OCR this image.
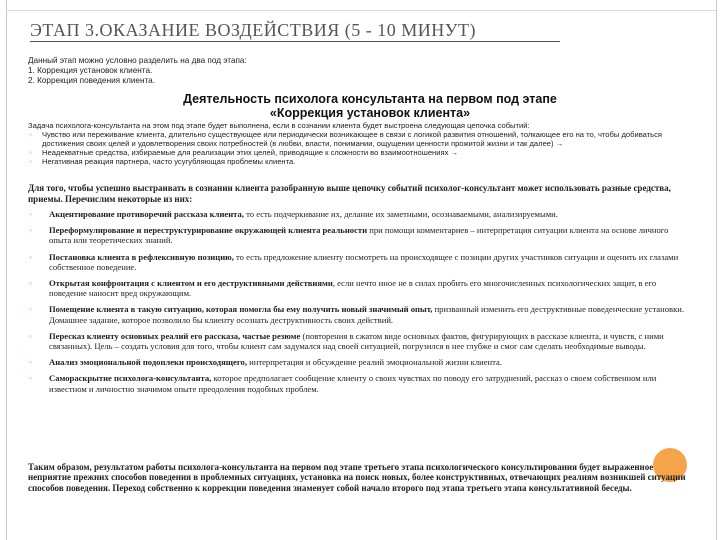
ЭТАП 3.ОКАЗАНИЕ ВОЗДЕЙСТВИЯ (5 - 10 МИНУТ)
Данный этап можно условно разделить на два под этапа:
1. Коррекция установок клиента.
2. Коррекция поведения клиента.
Деятельность психолога консультанта на первом под этапе
«Коррекция установок клиента»
Задача психолога-консультанта на этом под этапе будет выполнена, если в сознании клиента будет выстроена следующая цепочка событий:
◦ Чувство или переживание клиента, длительно существующее или периодически возникающее в связи с логикой развития отношений, толкающее его на то, чтобы добиваться достижения своих целей и удовлетворения своих потребностей (в любви, власти, понимании, ощущении ценности прожитой жизни и так далее) →
◦ Неадекватные средства, избираемые для реализации этих целей, приводящие к сложности во взаимоотношениях →
◦ Негативная реакция партнера, часто усугубляющая проблемы клиента.
Для того, чтобы успешно выстраивать в сознании клиента разобранную выше цепочку событий психолог-консультант может использовать разные средства, приемы. Перечислим некоторые из них:
◦ Акцентирование противоречий рассказа клиента, то есть подчеркивание их, делание их заметными, осознаваемыми, анализируемыми.
◦ Переформулирование и переструктурирование окружающей клиента реальности при помощи комментариев – интерпретация ситуации клиента на основе личного опыта или теоретических знаний.
◦ Постановка клиента в рефлексивную позицию, то есть предложение клиенту посмотреть на происходящее с позиции других участников ситуации и оценить их глазами собственное поведение.
◦ Открытая конфронтация с клиентом и его деструктивными действиями, если нечто иное не в силах пробить его многочисленных психологических защит, в его поведение наносит вред окружающим.
◦ Помещение клиента в такую ситуацию, которая помогла бы ему получить новый значимый опыт, призванный изменить его деструктивные поведенческие установки. Домашнее задание, которое позволило бы клиенту осознать деструктивность своих действий.
◦ Пересказ клиенту основных реалий его рассказа, частые резюме (повторения в сжатом виде основных фактов, фигурирующих в рассказе клиента, и чувств, с ними связанных). Цель – создать условия для того, чтобы клиент сам задумался над своей ситуацией, погрузился в нее глубже и смог сам сделать необходимые выводы.
◦ Анализ эмоциональной подоплеки происходящего, интерпретация и обсуждение реалий эмоциональной жизни клиента.
◦ Самораскрытие психолога-консультанта, которое предполагает сообщение клиенту о своих чувствах по поводу его затруднений, рассказ о своем собственном или известном и личностно значимом опыте преодоления подобных проблем.
Таким образом, результатом работы психолога-консультанта на первом под этапе третьего этапа психологического консультирования будет выраженное неприятие прежних способов поведения в проблемных ситуациях, установка на поиск новых, более конструктивных, отвечающих реалиям возникшей ситуации способов поведения. Переход собственно к коррекции поведения знаменует собой начало второго под этапа третьего этапа консультативной беседы.
